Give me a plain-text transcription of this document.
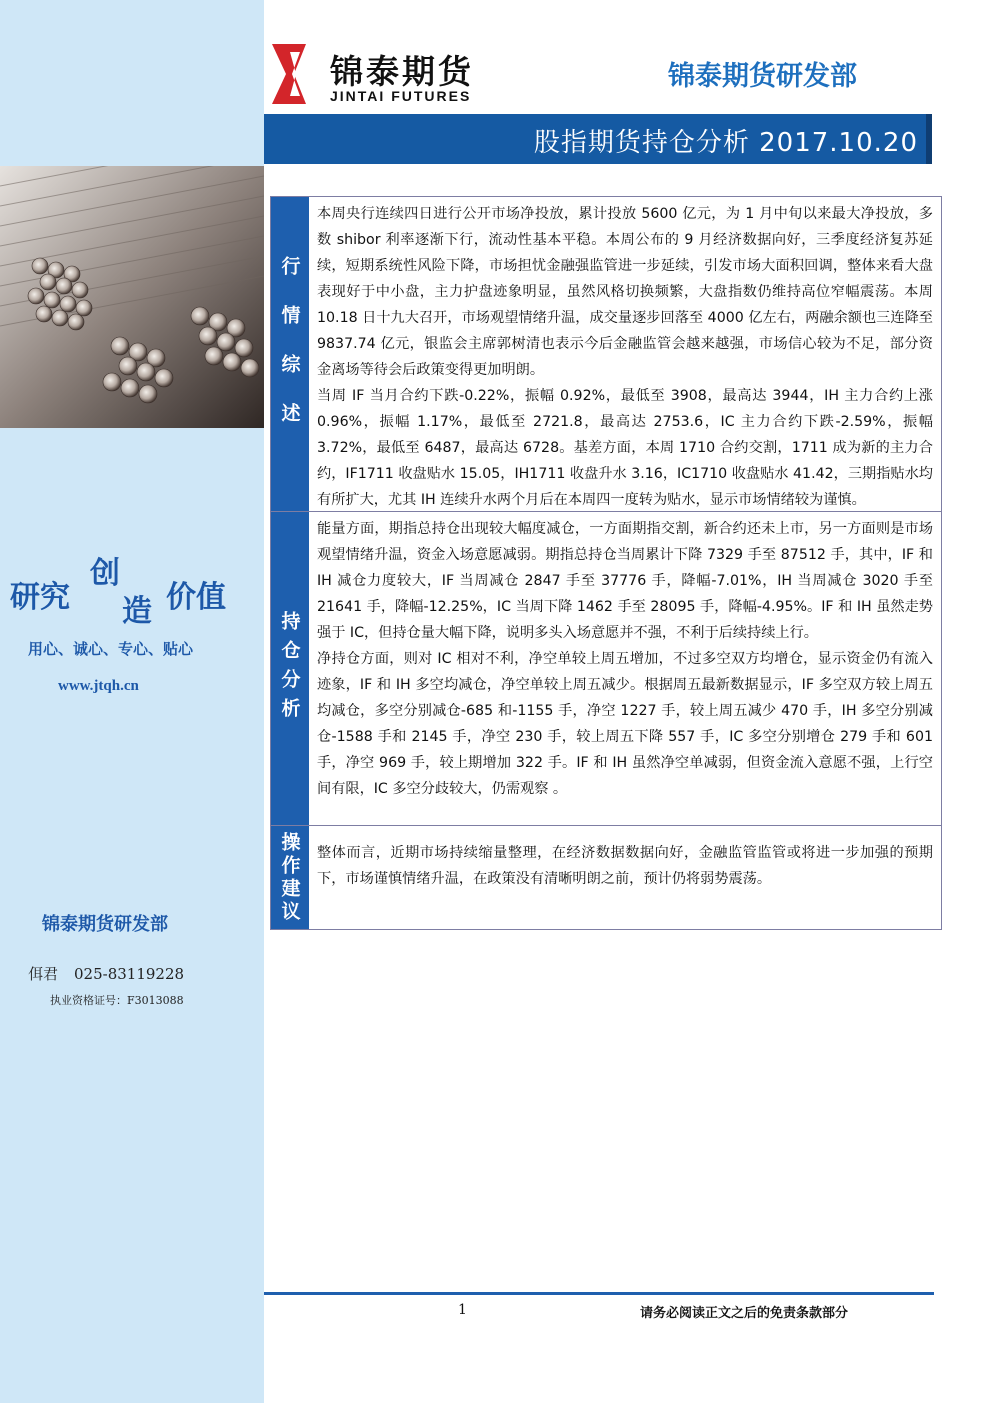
研究
创
造 价值
用心、诚心、专心、贴心
www.jtqh.cn
锦泰期货研发部
佴君 025-83119228
执业资格证号：F3013088
锦泰期货
JINTAI FUTURES
锦泰期货研发部
股指期货持仓分析 2017.10.20
行情综述

本周央行连续四日进行公开市场净投放，累计投放 5600 亿元，为 1 月中旬以来最大净投放，多数 shibor 利率逐渐下行，流动性基本平稳。本周公布的 9 月经济数据向好，三季度经济复苏延续，短期系统性风险下降，市场担忧金融强监管进一步延续，引发市场大面积回调，整体来看大盘表现好于中小盘，主力护盘迹象明显，虽然风格切换频繁，大盘指数仍维持高位窄幅震荡。本周 10.18 日十九大召开，市场观望情绪升温，成交量逐步回落至 4000 亿左右，两融余额也三连降至 9837.74 亿元，银监会主席郭树清也表示今后金融监管会越来越强，市场信心较为不足，部分资金离场等待会后政策变得更加明朗。

当周 IF 当月合约下跌-0.22%，振幅 0.92%，最低至 3908，最高达 3944，IH 主力合约上涨 0.96%，振幅 1.17%，最低至 2721.8，最高达 2753.6，IC 主力合约下跌-2.59%，振幅 3.72%，最低至 6487，最高达 6728。基差方面，本周 1710 合约交割，1711 成为新的主力合约，IF1711 收盘贴水 15.05，IH1711 收盘升水 3.16，IC1710 收盘贴水 41.42，三期指贴水均有所扩大，尤其 IH 连续升水两个月后在本周四一度转为贴水，显示市场情绪较为谨慎。

持仓分析

能量方面，期指总持仓出现较大幅度减仓，一方面期指交割，新合约还未上市，另一方面则是市场观望情绪升温，资金入场意愿减弱。期指总持仓当周累计下降 7329 手至 87512 手，其中，IF 和 IH 减仓力度较大，IF 当周减仓 2847 手至 37776 手，降幅-7.01%，IH 当周减仓 3020 手至 21641 手，降幅-12.25%，IC 当周下降 1462 手至 28095 手，降幅-4.95%。IF 和 IH 虽然走势强于 IC，但持仓量大幅下降，说明多头入场意愿并不强，不利于后续持续上行。

净持仓方面，则对 IC 相对不利，净空单较上周五增加，不过多空双方均增仓，显示资金仍有流入迹象，IF 和 IH 多空均减仓，净空单较上周五减少。根据周五最新数据显示，IF 多空双方较上周五均减仓，多空分别减仓-685 和-1155 手，净空 1227 手，较上周五减少 470 手，IH 多空分别减仓-1588 手和 2145 手，净空 230 手，较上周五下降 557 手，IC 多空分别增仓 279 手和 601 手，净空 969 手，较上期增加 322 手。IF 和 IH 虽然净空单减弱，但资金流入意愿不强，上行空间有限，IC 多空分歧较大，仍需观察 。

操作建议 整体而言，近期市场持续缩量整理，在经济数据数据向好，金融监管监管或将进一步加强的预期下，市场谨慎情绪升温，在政策没有清晰明朗之前，预计仍将弱势震荡。

1	请务必阅读正文之后的免责条款部分
